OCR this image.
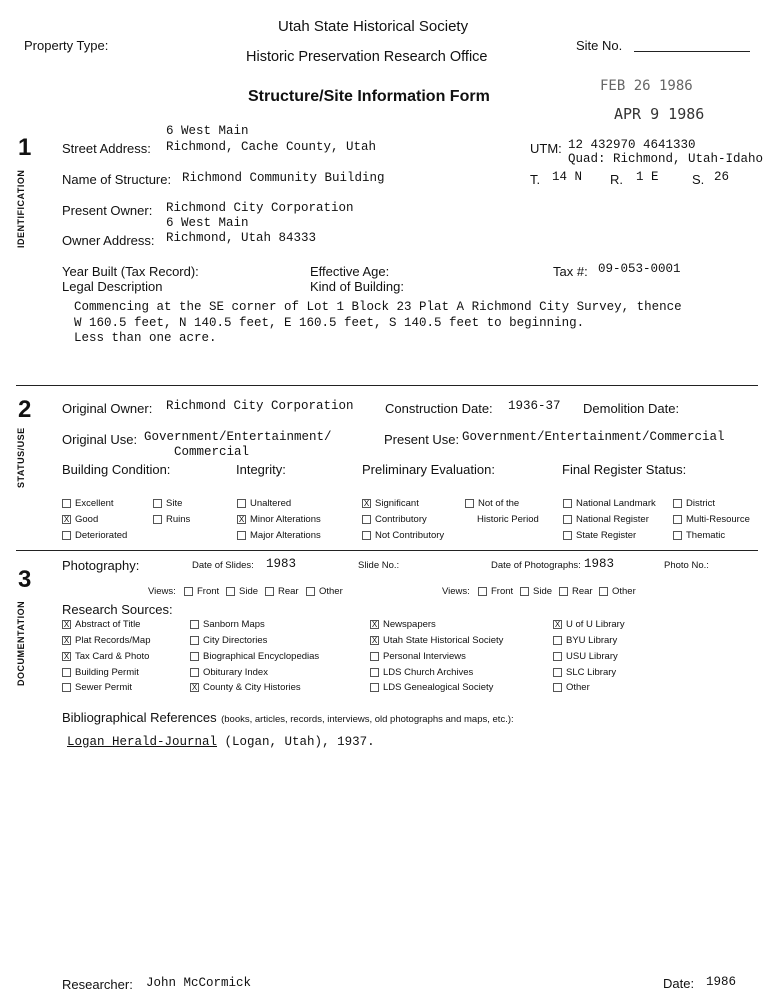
Utah State Historical Society
Property Type:	Site No.
Historic Preservation Research Office
Structure/Site Information Form
FEB 26 1986
APR 9 1986
1
IDENTIFICATION
6 West Main
Street Address: Richmond, Cache County, Utah	UTM: 12 432970 4641330
Quad: Richmond, Utah-Idaho
Name of Structure: Richmond Community Building	T. 14 N R. 1 E	S. 26
Present Owner: Richmond City Corporation
6 West Main
Owner Address: Richmond, Utah 84333
Year Built (Tax Record):	Effective Age:	Tax #: 09-053-0001
Legal Description	Kind of Building:
Commencing at the SE corner of Lot 1 Block 23 Plat A Richmond City Survey, thence
W 160.5 feet, N 140.5 feet, E 160.5 feet, S 140.5 feet to beginning.
Less than one acre.
2
STATUS/USE
Original Owner: Richmond City Corporation Construction Date: 1936-37 Demolition Date:
Original Use: Government/Entertainment/
Commercial
Present Use: Government/Entertainment/Commercial
Building Condition:	Integrity:	Preliminary Evaluation:	Final Register Status:
Excellent
X Good
Deteriorated
Site
Ruins
Unaltered
X Minor Alterations
Major Alterations
X Significant
Contributory
Not Contributory
Not of the
Historic Period
National Landmark
National Register
State Register
District
Multi-Resource
Thematic
3
DOCUMENTATION
Photography:	Date of Slides: 1983	Slide No.:	Date of Photographs: 1983	Photo No.:
Views:	Front	Side	Rear	Other	Views:	Front	Side	Rear	Other
Research Sources:
X Abstract of Title
X Plat Records/Map
X Tax Card & Photo
Building Permit
Sewer Permit
Sanborn Maps
City Directories
Biographical Encyclopedias
Obiturary Index
X County & City Histories
X Newspapers
X Utah State Historical Society
Personal Interviews
LDS Church Archives
LDS Genealogical Society
X U of U Library
BYU Library
USU Library
SLC Library
Other
Bibliographical References (books, articles, records, interviews, old photographs and maps, etc.):
Logan Herald-Journal (Logan, Utah), 1937.
Researcher: John McCormick	Date: 1986
